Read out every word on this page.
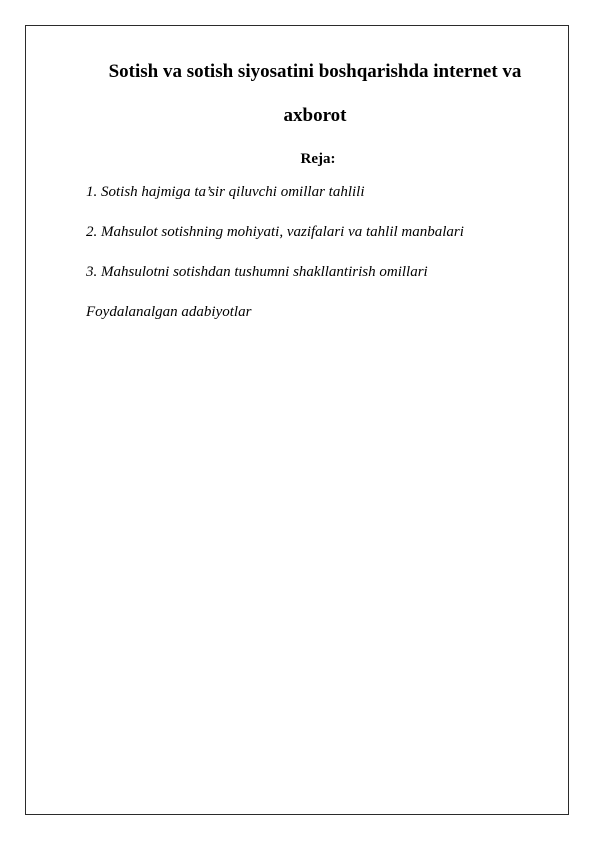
Sotish va sotish siyosatini boshqarishda internet va
axborot
Reja:
1. Sotish hajmiga ta’sir qiluvchi omillar tahlili
2. Mahsulot sotishning mohiyati, vazifalari va tahlil manbalari
3. Mahsulotni sotishdan tushumni shakllantirish omillari
Foydalanalgan adabiyotlar
